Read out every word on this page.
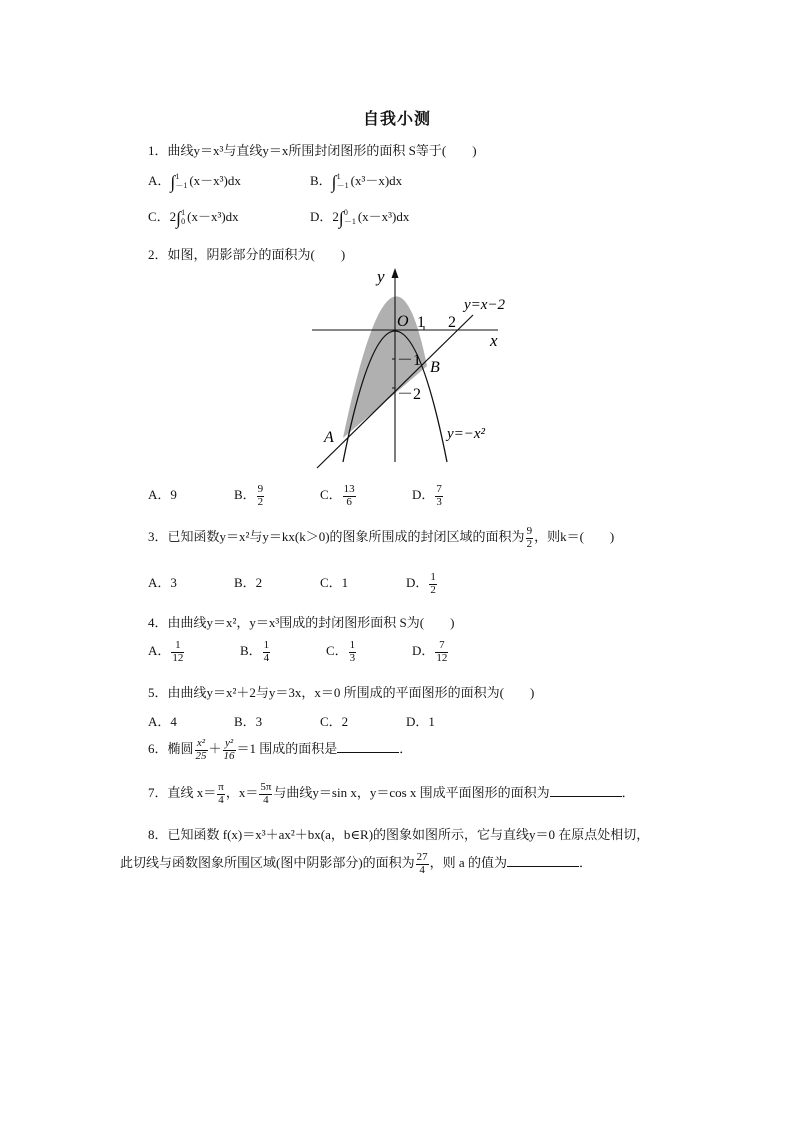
自我小测
1．曲线y＝x³与直线y＝x所围封闭图形的面积 S等于(　　)
A．∫ 1
－1 (x－x³)dx	B．∫ 1
－1 (x³－x)dx
C．2∫ 1
0 (x－x³)dx	D．2∫ 0
－1 (x－x³)dx
2．如图，阴影部分的面积为(　　)
y
x
O 1 2
－1
－2
A
B
y=x−2
y=−x²
A．9	B． $\frac{9}{2}$	C． $\frac{13}{6}$	D． $\frac{7}{3}$
3．已知函数y＝x²与y＝kx(k＞0)的图象所围成的封闭区域的面积为 $\frac{9}{2}$ ，则k＝(　　)
A．3	B．2	C．1	D． $\frac{1}{2}$
4．由曲线y＝x²，y＝x³围成的封闭图形面积 S为(　　)
A． $\frac{1}{12}$	B． $\frac{1}{4}$	C． $\frac{1}{3}$	D． $\frac{7}{12}$
5．由曲线y＝x²＋2与y＝3x，x＝0 所围成的平面图形的面积为(　　)
A．4	B．3	C．2	D．1
6．椭圆 $\frac{\text{x²}}{25} + \frac{\text{y²}}{16} =1$ 围成的面积是	．
7．直线 $x= \frac{\pi}{4}$ ，$x= \frac{5\pi}{4}$ 与曲线y＝sin x，y＝cos x 围成平面图形的面积为	．
8．已知函数 f(x)＝x³＋ax²＋bx(a，b∈R)的图象如图所示，它与直线y＝0 在原点处相切，
此切线与函数图象所围区域(图中阴影部分)的面积为 $\frac{27}{4}$ ，则 a 的值为	．
